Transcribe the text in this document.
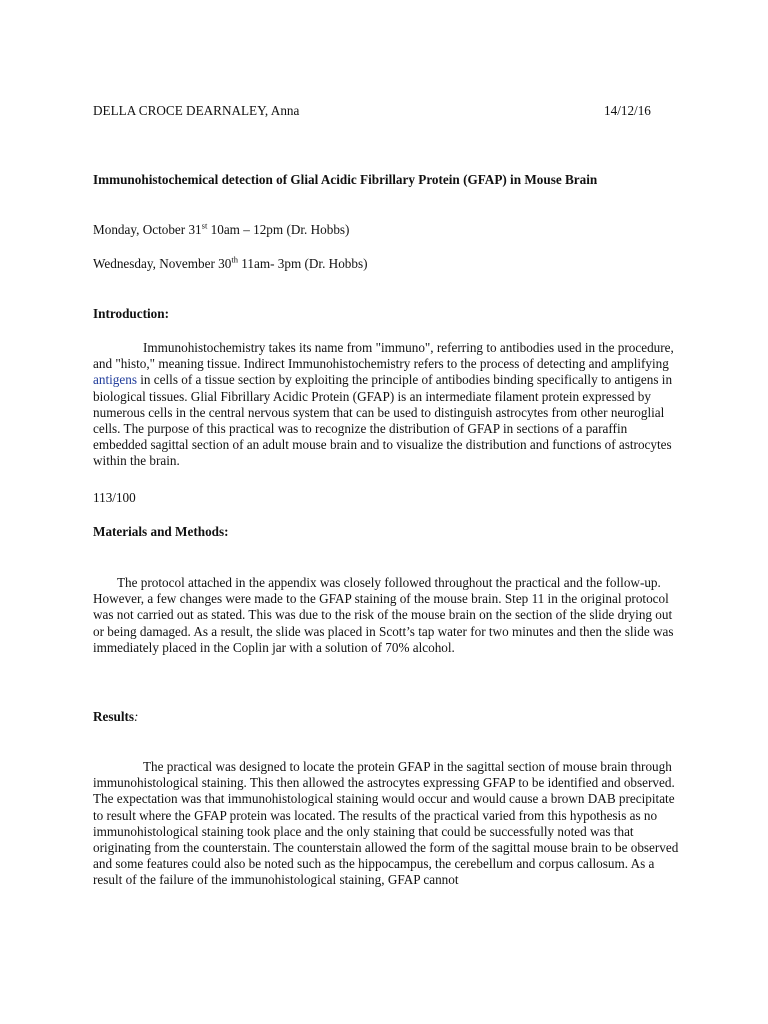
DELLA CROCE DEARNALEY, Anna	14/12/16
Immunohistochemical detection of Glial Acidic Fibrillary Protein (GFAP) in Mouse Brain
Monday, October 31st 10am – 12pm (Dr. Hobbs)
Wednesday, November 30th 11am- 3pm (Dr. Hobbs)
Introduction:

Immunohistochemistry takes its name from "immuno", referring to antibodies used in the procedure, and "histo," meaning tissue. Indirect Immunohistochemistry refers to the process of detecting and amplifying antigens in cells of a tissue section by exploiting the principle of antibodies binding specifically to antigens in biological tissues. Glial Fibrillary Acidic Protein (GFAP) is an intermediate filament protein expressed by numerous cells in the central nervous system that can be used to distinguish astrocytes from other neuroglial cells. The purpose of this practical was to recognize the distribution of GFAP in sections of a paraffin embedded sagittal section of an adult mouse brain and to visualize the distribution and functions of astrocytes within the brain.

113/100
Materials and Methods:

The protocol attached in the appendix was closely followed throughout the practical and the follow-up. However, a few changes were made to the GFAP staining of the mouse brain. Step 11 in the original protocol was not carried out as stated. This was due to the risk of the mouse brain on the section of the slide drying out or being damaged. As a result, the slide was placed in Scott’s tap water for two minutes and then the slide was immediately placed in the Coplin jar with a solution of 70% alcohol.

Results:

The practical was designed to locate the protein GFAP in the sagittal section of mouse brain through immunohistological staining. This then allowed the astrocytes expressing GFAP to be identified and observed. The expectation was that immunohistological staining would occur and would cause a brown DAB precipitate to result where the GFAP protein was located. The results of the practical varied from this hypothesis as no immunohistological staining took place and the only staining that could be successfully noted was that originating from the counterstain. The counterstain allowed the form of the sagittal mouse brain to be observed and some features could also be noted such as the hippocampus, the cerebellum and corpus callosum. As a result of the failure of the immunohistological staining, GFAP cannot
